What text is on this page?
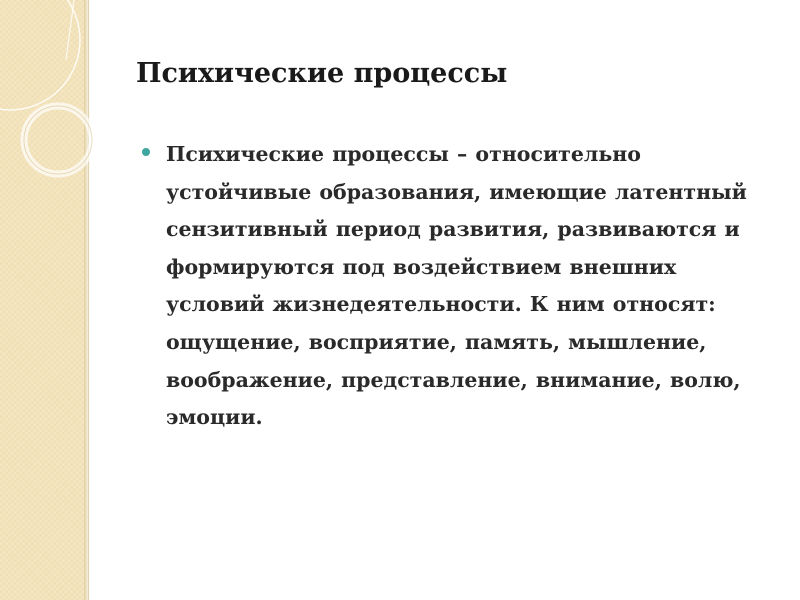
Психические процессы

Психические процессы – относительно устойчивые образования, имеющие латентный сензитивный период развития, развиваются и формируются под воздействием внешних условий жизнедеятельности. К ним относят: ощущение, восприятие, память, мышление, воображение, представление, внимание, волю, эмоции.
